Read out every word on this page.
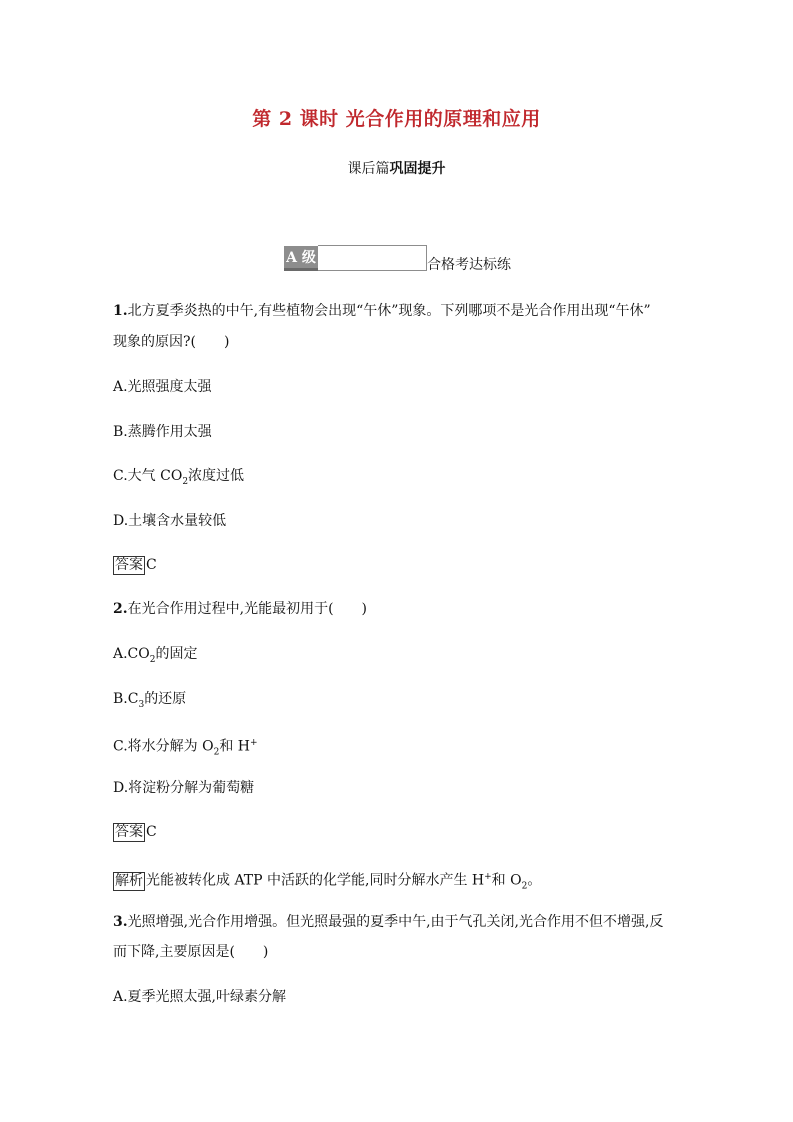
第 2 课时 光合作用的原理和应用
课后篇巩固提升
A 级	合格考达标练
1.北方夏季炎热的中午,有些植物会出现“午休”现象。下列哪项不是光合作用出现“午休”
现象的原因?(　　)
A.光照强度太强
B.蒸腾作用太强
C.大气 $CO_2$浓度过低
D.土壤含水量较低
答案 C
2.在光合作用过程中,光能最初用于(　　)
$A.CO_2$的固定
$B.C_3$的还原
C.将水分解为 $O_2$和 H+
D.将淀粉分解为葡萄糖
答案 C
解析 光能被转化成 ATP 中活跃的化学能,同时分解水产生 H+和 $O_2$。
3.光照增强,光合作用增强。但光照最强的夏季中午,由于气孔关闭,光合作用不但不增强,反
而下降,主要原因是(　　)
A.夏季光照太强,叶绿素分解
